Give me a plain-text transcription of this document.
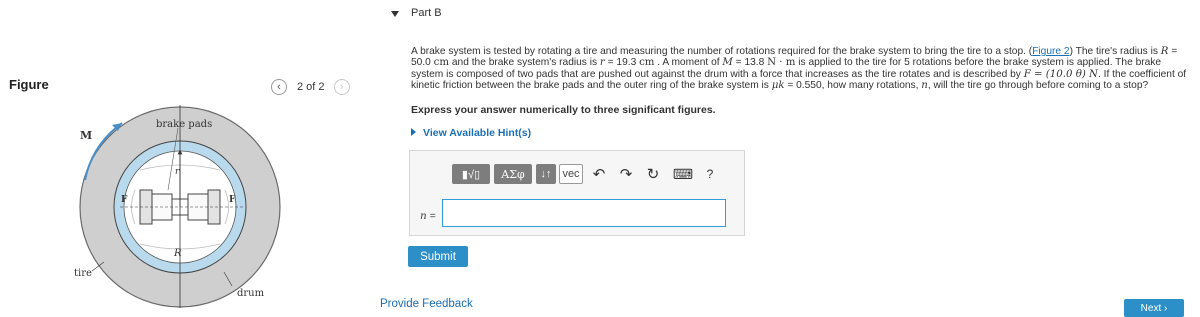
Figure	‹ 2 of 2 ›
M
brake pads
tire
drum
F	F
r
R
Part B
A brake system is tested by rotating a tire and measuring the number of rotations required for the brake system to bring the tire to a stop. (Figure 2) The tire's radius is R = 50.0 cm and the brake system's radius is r = 19.3 cm . A moment of M = 13.8 N · m is applied to the tire for 5 rotations before the brake system is applied. The brake system is composed of two pads that are pushed out against the drum with a force that increases as the tire rotates and is described by F = (10.0 θ) N. If the coefficient of kinetic friction between the brake pads and the outer ring of the brake system is μk = 0.550, how many rotations, n, will the tire go through before coming to a stop?
Express your answer numerically to three significant figures.
View Available Hint(s)
▮√▯ ΑΣφ ↓↑ vec ↶ ↷ ↻ ⌨ ?
n =
Submit
Provide Feedback	Next ›
